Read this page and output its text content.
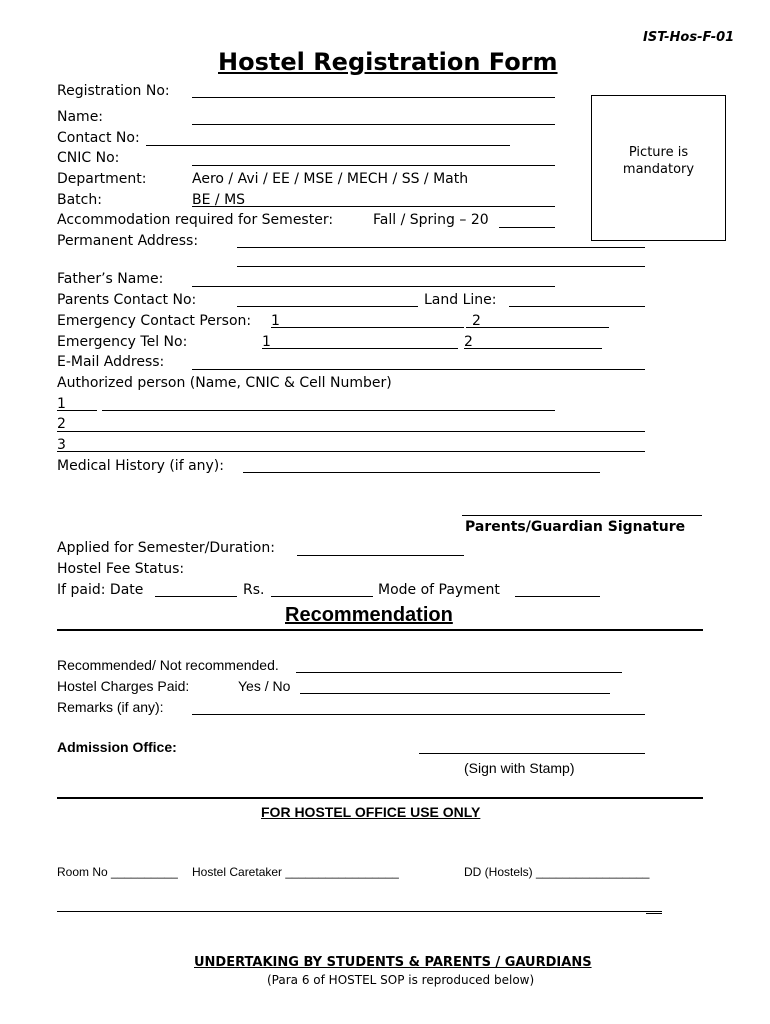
IST-Hos-F-01
Hostel Registration Form
Picture is
mandatory
Registration No:
Name:
Contact No:
CNIC No:
Department:	Aero / Avi / EE / MSE / MECH / SS / Math
Batch:	BE / MS
Accommodation required for Semester:	Fall / Spring – 20
Permanent Address:
Father’s Name:
Parents Contact No:	Land Line:
Emergency Contact Person: 1	2
Emergency Tel No:	1	2
E-Mail Address:
Authorized person (Name, CNIC & Cell Number)
1
2
3
Medical History (if any):
Parents/Guardian Signature
Applied for Semester/Duration:
Hostel Fee Status:
If paid: Date	Rs.	Mode of Payment
Recommendation
Recommended/ Not recommended.
Hostel Charges Paid:	Yes / No
Remarks (if any):
Admission Office:
(Sign with Stamp)
FOR HOSTEL OFFICE USE ONLY
Room No __________ Hostel Caretaker _________________	DD (Hostels) _________________
UNDERTAKING BY STUDENTS & PARENTS / GAURDIANS
(Para 6 of HOSTEL SOP is reproduced below)
